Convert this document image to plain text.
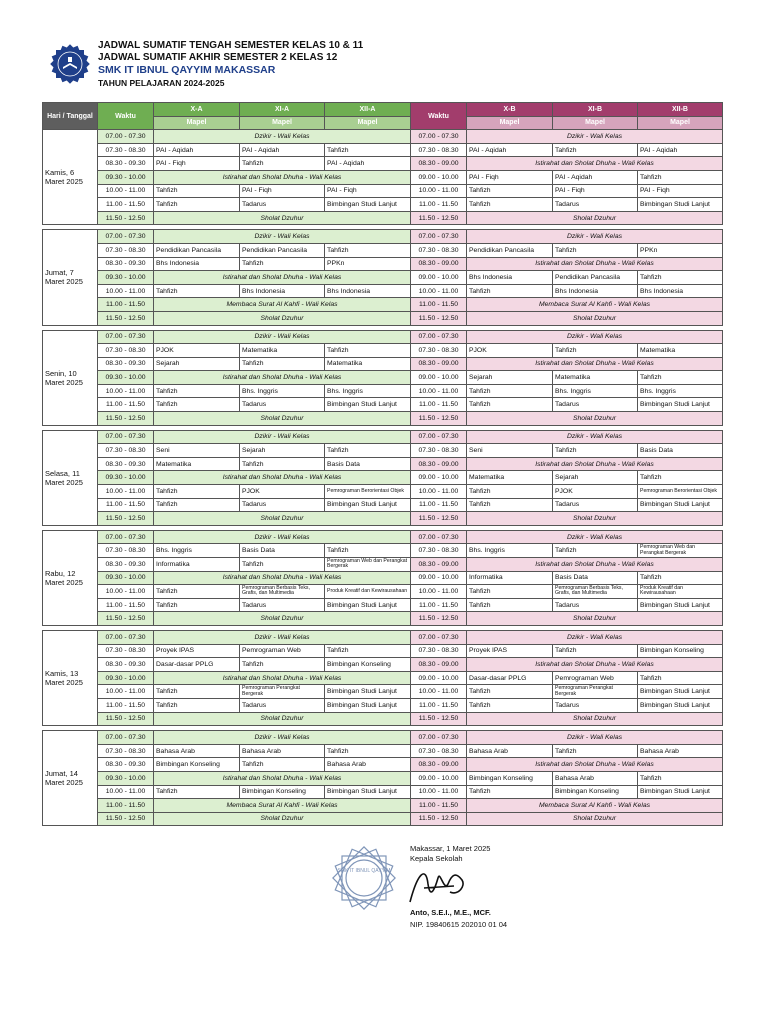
JADWAL SUMATIF TENGAH SEMESTER KELAS 10 & 11
JADWAL SUMATIF AKHIR SEMESTER 2 KELAS 12
SMK IT IBNUL QAYYIM MAKASSAR
TAHUN PELAJARAN 2024-2025
Hari / Tanggal	Waktu	X-A	XI-A	XII-A	Waktu	X-B	XI-B	XII-B
		Mapel	Mapel	Mapel		Mapel	Mapel	Mapel
Kamis, 6 Maret 2025	07.00 - 07.30	Dzikir - Wali Kelas			07.00 - 07.30	Dzikir - Wali Kelas		
	07.30 - 08.30	PAI - Aqidah	PAI - Aqidah	Tahfizh	07.30 - 08.30	PAI - Aqidah	Tahfizh	PAI - Aqidah
	08.30 - 09.30	PAI - Fiqh	Tahfizh	PAI - Aqidah	08.30 - 09.00	Istirahat dan Sholat Dhuha - Wali Kelas		
	09.30 - 10.00	Istirahat dan Sholat Dhuha - Wali Kelas			09.00 - 10.00	PAI - Fiqh	PAI - Aqidah	Tahfizh
	10.00 - 11.00	Tahfizh	PAI - Fiqh	PAI - Fiqh	10.00 - 11.00	Tahfizh	PAI - Fiqh	PAI - Fiqh
	11.00 - 11.50	Tahfizh	Tadarus	Bimbingan Studi Lanjut	11.00 - 11.50	Tahfizh	Tadarus	Bimbingan Studi Lanjut
	11.50 - 12.50	Sholat Dzuhur			11.50 - 12.50	Sholat Dzuhur		

Jumat, 7 Maret 2025	07.00 - 07.30	Dzikir - Wali Kelas			07.00 - 07.30	Dzikir - Wali Kelas		
	07.30 - 08.30	Pendidikan Pancasila	Pendidikan Pancasila	Tahfizh	07.30 - 08.30	Pendidikan Pancasila	Tahfizh	PPKn
	08.30 - 09.30	Bhs Indonesia	Tahfizh	PPKn	08.30 - 09.00	Istirahat dan Sholat Dhuha - Wali Kelas		
	09.30 - 10.00	Istirahat dan Sholat Dhuha - Wali Kelas			09.00 - 10.00	Bhs Indonesia	Pendidikan Pancasila	Tahfizh
	10.00 - 11.00	Tahfizh	Bhs Indonesia	Bhs Indonesia	10.00 - 11.00	Tahfizh	Bhs Indonesia	Bhs Indonesia
	11.00 - 11.50	Membaca Surat Al Kahfi - Wali Kelas			11.00 - 11.50	Membaca Surat Al Kahfi - Wali Kelas		
	11.50 - 12.50	Sholat Dzuhur			11.50 - 12.50	Sholat Dzuhur		

Senin, 10 Maret 2025	07.00 - 07.30	Dzikir - Wali Kelas			07.00 - 07.30	Dzikir - Wali Kelas		
	07.30 - 08.30	PJOK	Matematika	Tahfizh	07.30 - 08.30	PJOK	Tahfizh	Matematika
	08.30 - 09.30	Sejarah	Tahfizh	Matematika	08.30 - 09.00	Istirahat dan Sholat Dhuha - Wali Kelas		
	09.30 - 10.00	Istirahat dan Sholat Dhuha - Wali Kelas			09.00 - 10.00	Sejarah	Matematika	Tahfizh
	10.00 - 11.00	Tahfizh	Bhs. Inggris	Bhs. Inggris	10.00 - 11.00	Tahfizh	Bhs. Inggris	Bhs. Inggris
	11.00 - 11.50	Tahfizh	Tadarus	Bimbingan Studi Lanjut	11.00 - 11.50	Tahfizh	Tadarus	Bimbingan Studi Lanjut
	11.50 - 12.50	Sholat Dzuhur			11.50 - 12.50	Sholat Dzuhur		

Selasa, 11 Maret 2025	07.00 - 07.30	Dzikir - Wali Kelas			07.00 - 07.30	Dzikir - Wali Kelas		
	07.30 - 08.30	Seni	Sejarah	Tahfizh	07.30 - 08.30	Seni	Tahfizh	Basis Data
	08.30 - 09.30	Matematika	Tahfizh	Basis Data	08.30 - 09.00	Istirahat dan Sholat Dhuha - Wali Kelas		
	09.30 - 10.00	Istirahat dan Sholat Dhuha - Wali Kelas			09.00 - 10.00	Matematika	Sejarah	Tahfizh
	10.00 - 11.00	Tahfizh	PJOK	Pemrograman Berorientasi Objek	10.00 - 11.00	Tahfizh	PJOK	Pemrograman Berorientasi Objek
	11.00 - 11.50	Tahfizh	Tadarus	Bimbingan Studi Lanjut	11.00 - 11.50	Tahfizh	Tadarus	Bimbingan Studi Lanjut
	11.50 - 12.50	Sholat Dzuhur			11.50 - 12.50	Sholat Dzuhur		

Rabu, 12 Maret 2025	07.00 - 07.30	Dzikir - Wali Kelas			07.00 - 07.30	Dzikir - Wali Kelas		
	07.30 - 08.30	Bhs. Inggris	Basis Data	Tahfizh	07.30 - 08.30	Bhs. Inggris	Tahfizh	Pemrograman Web dan Perangkat Bergerak
	08.30 - 09.30	Informatika	Tahfizh	Pemrograman Web dan Perangkat Bergerak	08.30 - 09.00	Istirahat dan Sholat Dhuha - Wali Kelas		
	09.30 - 10.00	Istirahat dan Sholat Dhuha - Wali Kelas			09.00 - 10.00	Informatika	Basis Data	Tahfizh
	10.00 - 11.00	Tahfizh	Pemrograman Berbasis Teks, Grafis, dan Multimedia	Produk Kreatif dan Kewirausahaan	10.00 - 11.00	Tahfizh	Pemrograman Berbasis Teks, Grafis, dan Multimedia	Produk Kreatif dan Kewirausahaan
	11.00 - 11.50	Tahfizh	Tadarus	Bimbingan Studi Lanjut	11.00 - 11.50	Tahfizh	Tadarus	Bimbingan Studi Lanjut
	11.50 - 12.50	Sholat Dzuhur			11.50 - 12.50	Sholat Dzuhur		

Kamis, 13 Maret 2025	07.00 - 07.30	Dzikir - Wali Kelas			07.00 - 07.30	Dzikir - Wali Kelas		
	07.30 - 08.30	Proyek IPAS	Pemrograman Web	Tahfizh	07.30 - 08.30	Proyek IPAS	Tahfizh	Bimbingan Konseling
	08.30 - 09.30	Dasar-dasar PPLG	Tahfizh	Bimbingan Konseling	08.30 - 09.00	Istirahat dan Sholat Dhuha - Wali Kelas		
	09.30 - 10.00	Istirahat dan Sholat Dhuha - Wali Kelas			09.00 - 10.00	Dasar-dasar PPLG	Pemrograman Web	Tahfizh
	10.00 - 11.00	Tahfizh	Pemrograman Perangkat Bergerak	Bimbingan Studi Lanjut	10.00 - 11.00	Tahfizh	Pemrograman Perangkat Bergerak	Bimbingan Studi Lanjut
	11.00 - 11.50	Tahfizh	Tadarus	Bimbingan Studi Lanjut	11.00 - 11.50	Tahfizh	Tadarus	Bimbingan Studi Lanjut
	11.50 - 12.50	Sholat Dzuhur			11.50 - 12.50	Sholat Dzuhur		

Jumat, 14 Maret 2025	07.00 - 07.30	Dzikir - Wali Kelas			07.00 - 07.30	Dzikir - Wali Kelas		
	07.30 - 08.30	Bahasa Arab	Bahasa Arab	Tahfizh	07.30 - 08.30	Bahasa Arab	Tahfizh	Bahasa Arab
	08.30 - 09.30	Bimbingan Konseling	Tahfizh	Bahasa Arab	08.30 - 09.00	Istirahat dan Sholat Dhuha - Wali Kelas		
	09.30 - 10.00	Istirahat dan Sholat Dhuha - Wali Kelas			09.00 - 10.00	Bimbingan Konseling	Bahasa Arab	Tahfizh
	10.00 - 11.00	Tahfizh	Bimbingan Konseling	Bimbingan Studi Lanjut	10.00 - 11.00	Tahfizh	Bimbingan Konseling	Bimbingan Studi Lanjut
	11.00 - 11.50	Membaca Surat Al Kahfi - Wali Kelas			11.00 - 11.50	Membaca Surat Al Kahfi - Wali Kelas		
	11.50 - 12.50	Sholat Dzuhur			11.50 - 12.50	Sholat Dzuhur		
SMK IT IBNUL QAYYIM
Makassar, 1 Maret 2025
Kepala Sekolah
Anto, S.E.I., M.E., MCF.
NIP. 19840615 202010 01 04
